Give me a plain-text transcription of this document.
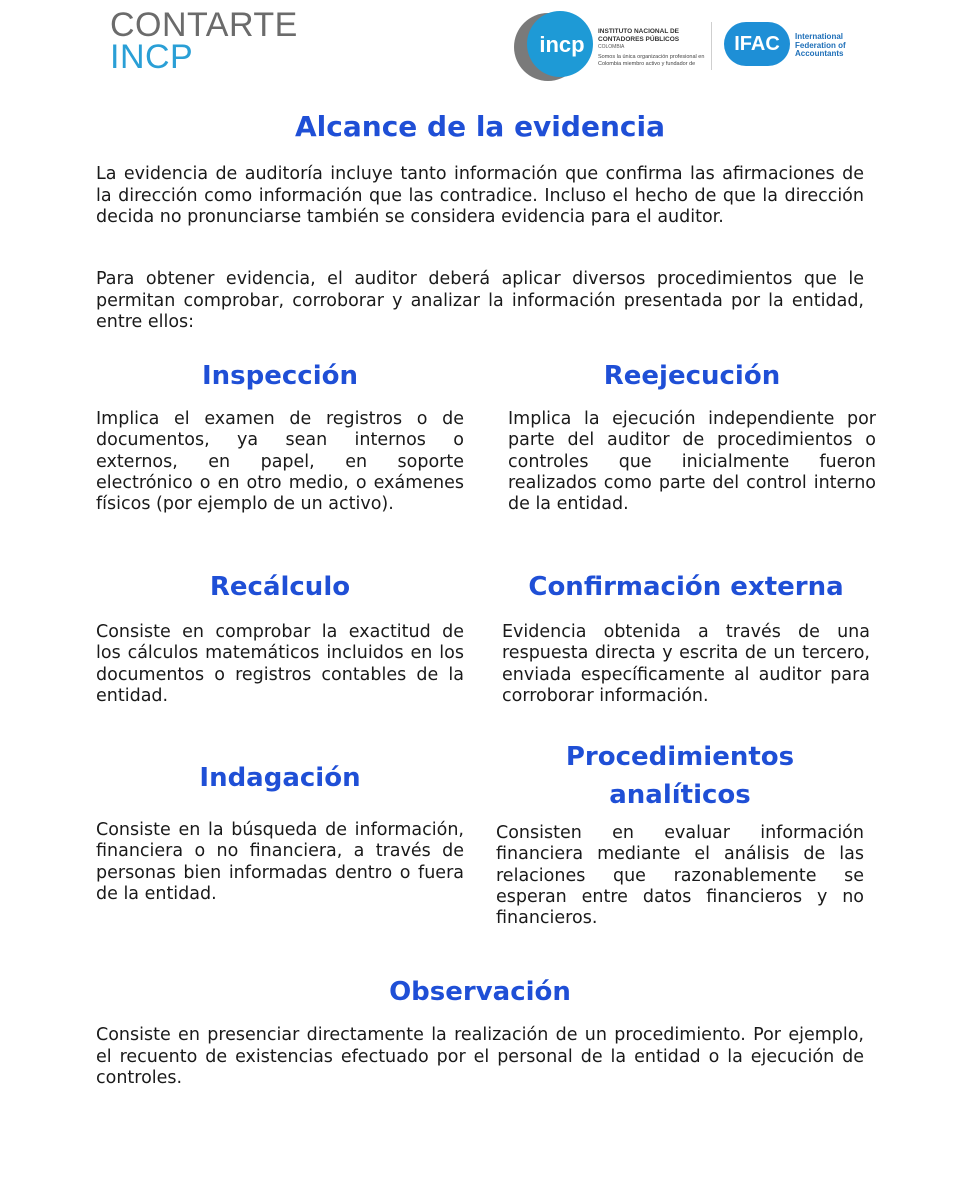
CONTARTE
INCP	incp
INSTITUTO NACIONAL DE CONTADORES PÚBLICOS
COLOMBIA
Somos la única organización profesional en Colombia miembro activo y fundador de
IFAC	International Federation of Accountants
Alcance de la evidencia

La evidencia de auditoría incluye tanto información que confirma las afirmaciones de la dirección como información que las contradice. Incluso el hecho de que la dirección decida no pronunciarse también se considera evidencia para el auditor.

Para obtener evidencia, el auditor deberá aplicar diversos procedimientos que le permitan comprobar, corroborar y analizar la información presentada por la entidad, entre ellos:

Inspección

Implica el examen de registros o de documentos, ya sean internos o externos, en papel, en soporte electrónico o en otro medio, o exámenes físicos (por ejemplo de un activo).

Reejecución

Implica la ejecución independiente por parte del auditor de procedimientos o controles que inicialmente fueron realizados como parte del control interno de la entidad.

Recálculo

Consiste en comprobar la exactitud de los cálculos matemáticos incluidos en los documentos o registros contables de la entidad.

Confirmación externa

Evidencia obtenida a través de una respuesta directa y escrita de un tercero, enviada específicamente al auditor para corroborar información.

Indagación

Consiste en la búsqueda de información, financiera o no financiera, a través de personas bien informadas dentro o fuera de la entidad.

Procedimientos analíticos

Consisten en evaluar información financiera mediante el análisis de las relaciones que razonablemente se esperan entre datos financieros y no financieros.

Observación

Consiste en presenciar directamente la realización de un procedimiento. Por ejemplo, el recuento de existencias efectuado por el personal de la entidad o la ejecución de controles.
